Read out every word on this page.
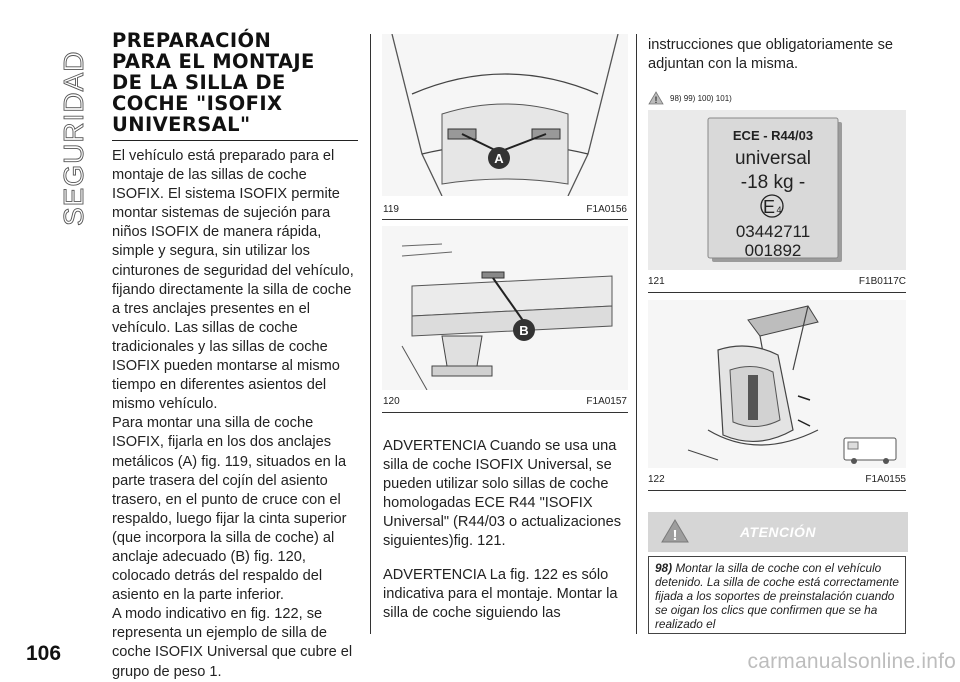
SEGURIDAD
PREPARACIÓN
PARA EL MONTAJE
DE LA SILLA DE
COCHE "ISOFIX
UNIVERSAL"

El vehículo está preparado para el montaje de las sillas de coche ISOFIX. El sistema ISOFIX permite montar sistemas de sujeción para niños ISOFIX de manera rápida, simple y segura, sin utilizar los cinturones de seguridad del vehículo, fijando directamente la silla de coche a tres anclajes presentes en el vehículo. Las sillas de coche tradicionales y las sillas de coche ISOFIX pueden montarse al mismo tiempo en diferentes asientos del mismo vehículo.

Para montar una silla de coche ISOFIX, fijarla en los dos anclajes metálicos (A) fig. 119, situados en la parte trasera del cojín del asiento trasero, en el punto de cruce con el respaldo, luego fijar la cinta superior (que incorpora la silla de coche) al anclaje adecuado (B) fig. 120, colocado detrás del respaldo del asiento en la parte inferior.

A modo indicativo en fig. 122, se representa un ejemplo de silla de coche ISOFIX Universal que cubre el grupo de peso 1.

A
119	F1A0156
B
120	F1A0157

ADVERTENCIA Cuando se usa una silla de coche ISOFIX Universal, se pueden utilizar solo sillas de coche homologadas ECE R44 "ISOFIX Universal" (R44/03 o actualizaciones siguientes)fig. 121.

ADVERTENCIA La fig. 122 es sólo indicativa para el montaje. Montar la silla de coche siguiendo las

instrucciones que obligatoriamente se adjuntan con la misma.

! 98) 99) 100) 101)
ECE - R44/03
universal
-18 kg -
E 4
03442711
001892
121	F1B0117C
122	F1A0155
!	ATENCIÓN
98) Montar la silla de coche con el vehículo detenido. La silla de coche está correctamente fijada a los soportes de preinstalación cuando se oigan los clics que confirmen que se ha realizado el
106	carmanualsonline.info
